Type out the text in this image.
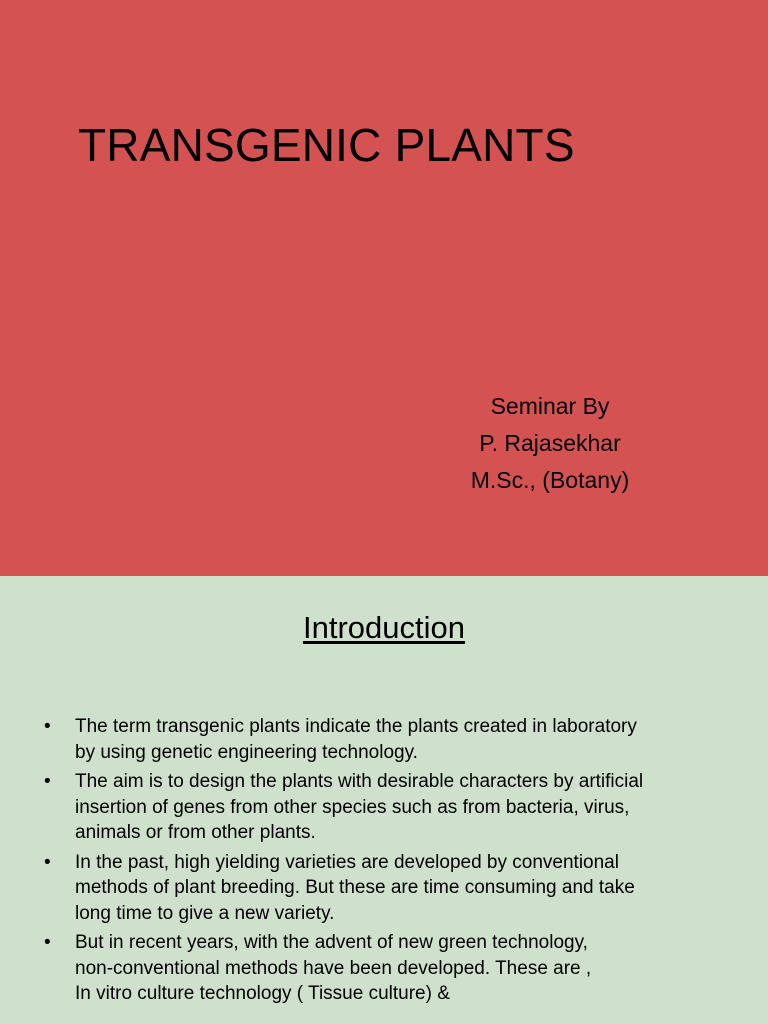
TRANSGENIC PLANTS
Seminar By
P. Rajasekhar
M.Sc., (Botany)
Introduction
• The term transgenic plants indicate the plants created in laboratory
by using genetic engineering technology.
• The aim is to design the plants with desirable characters by artificial
insertion of genes from other species such as from bacteria, virus,
animals or from other plants.
• In the past, high yielding varieties are developed by conventional
methods of plant breeding. But these are time consuming and take
long time to give a new variety.
• But in recent years, with the advent of new green technology,
non-conventional methods have been developed. These are ,
In vitro culture technology ( Tissue culture) &
